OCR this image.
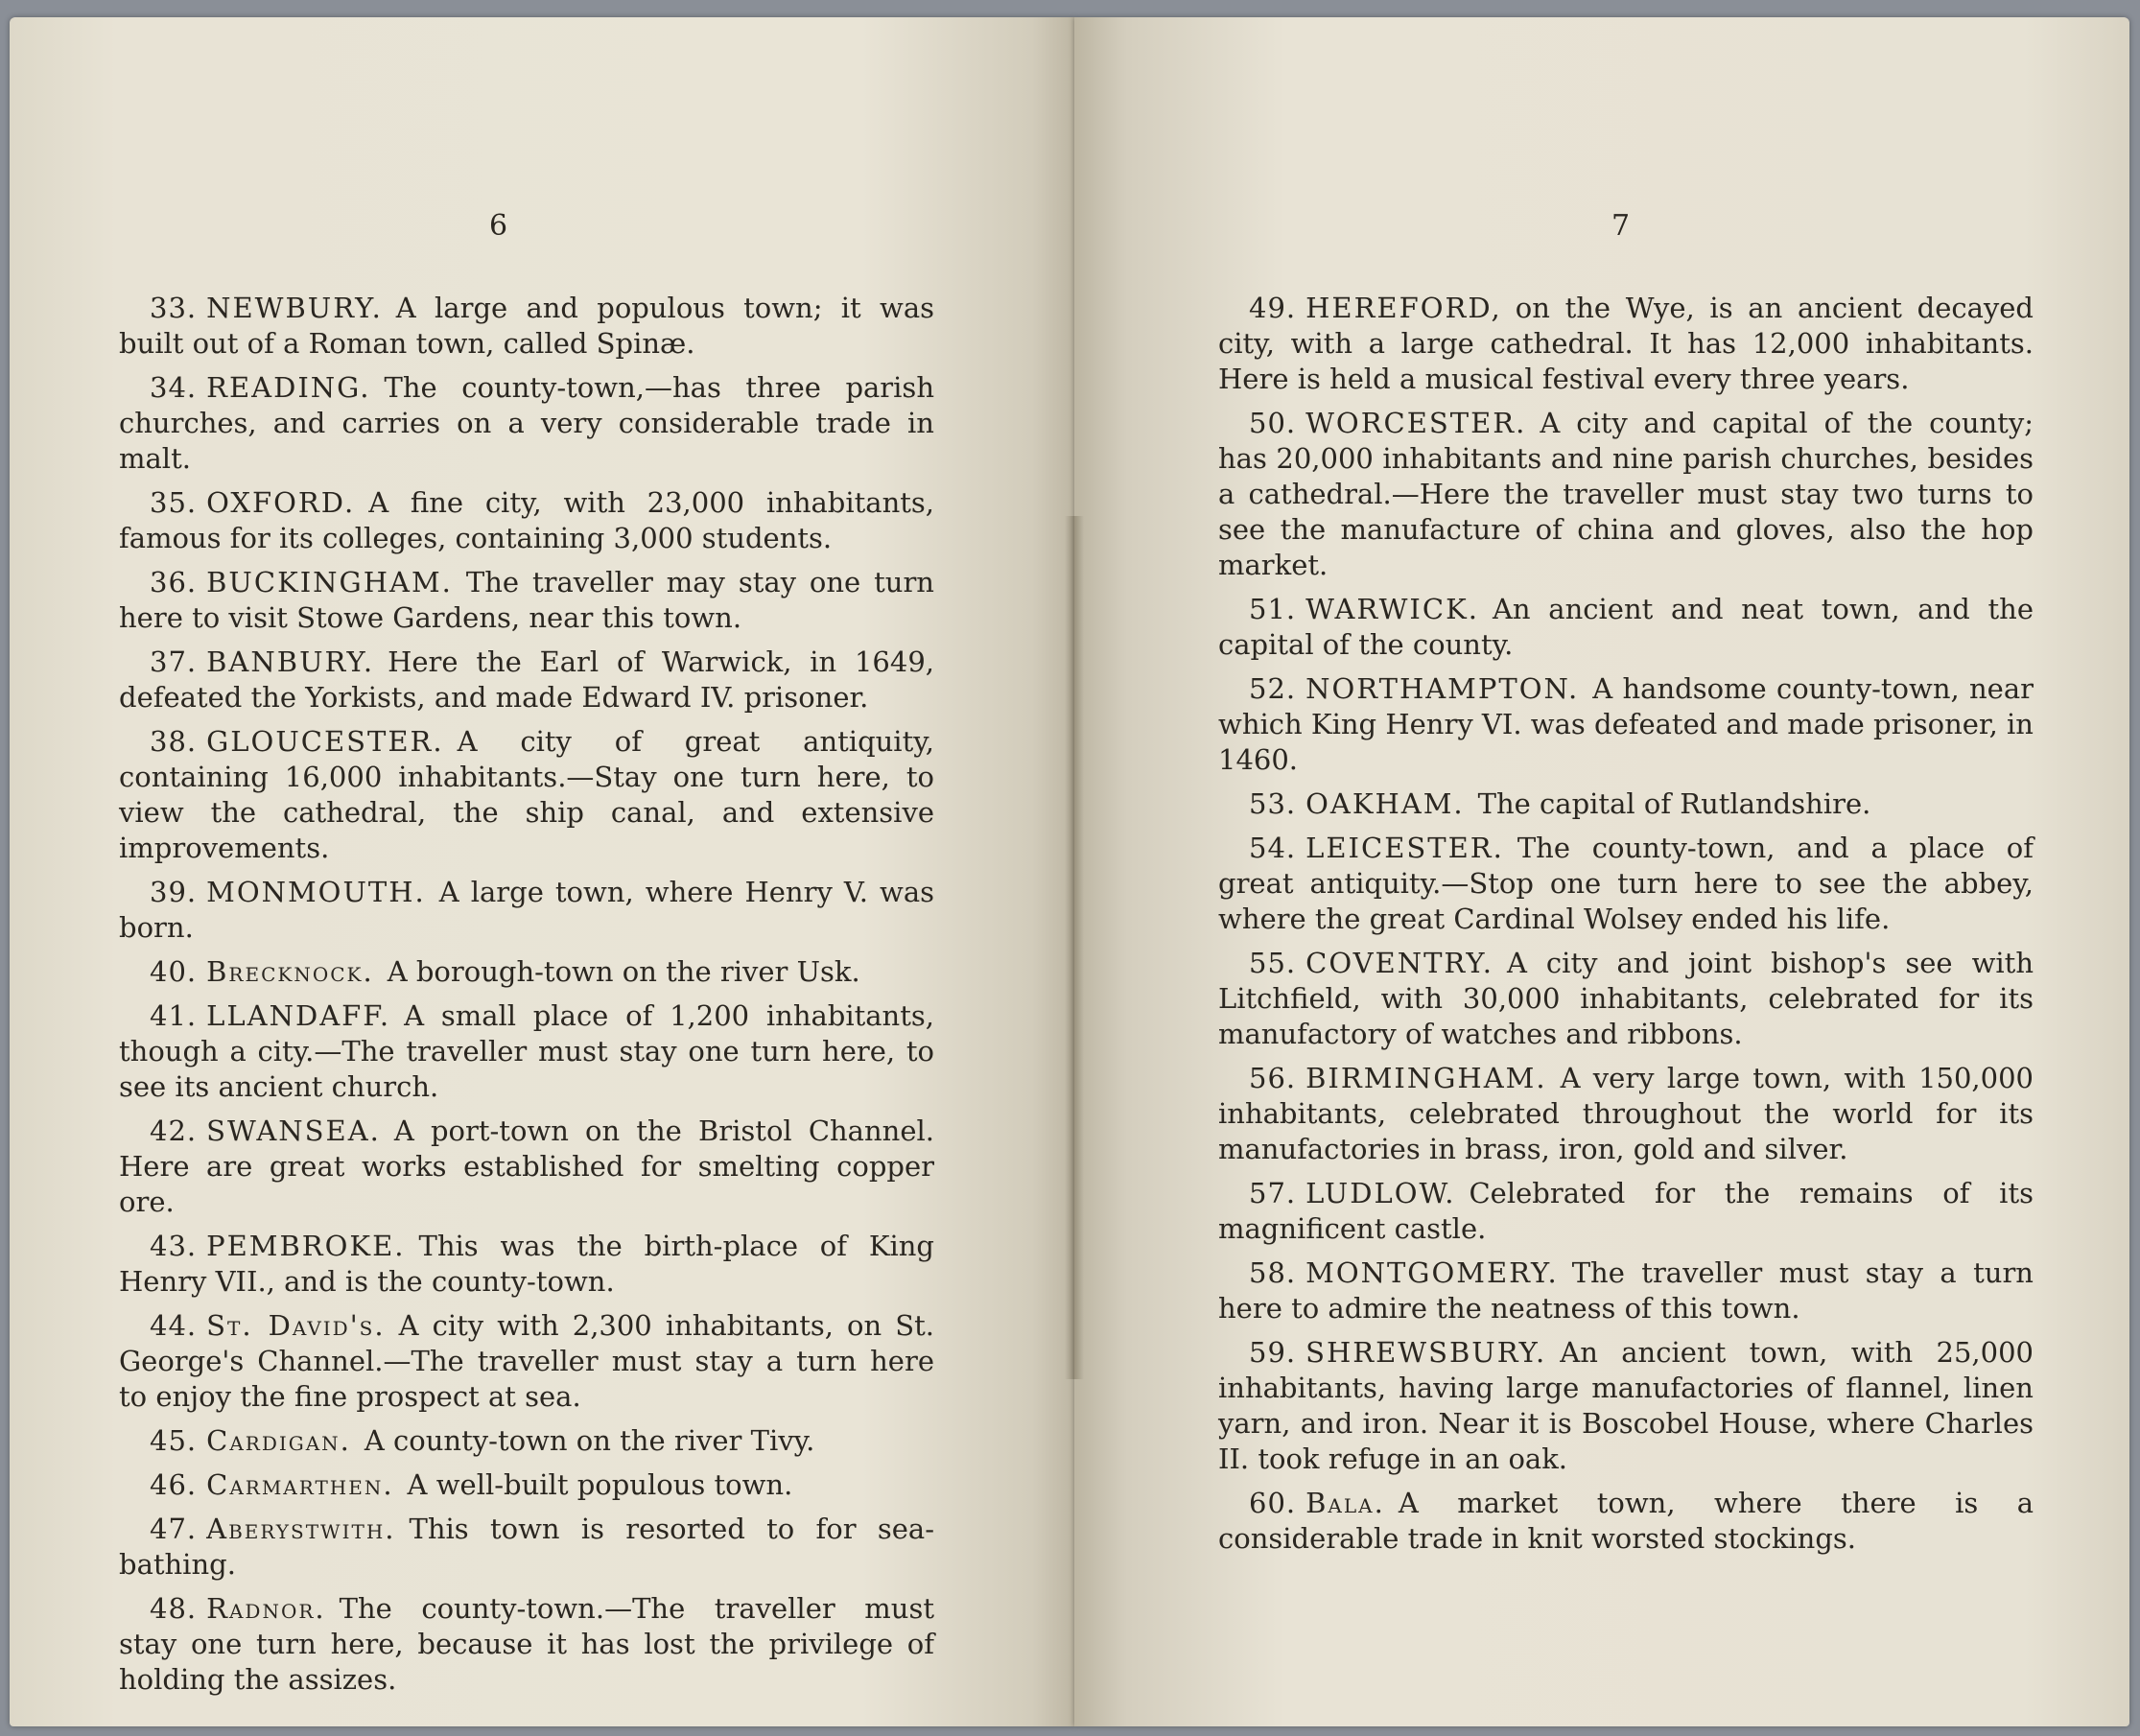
6

33. NEWBURY. A large and populous town; it was built out of a Roman town, called Spinæ.

34. READING. The county-town,—has three parish churches, and carries on a very considerable trade in malt.

35. OXFORD. A fine city, with 23,000 inhabitants, famous for its colleges, containing 3,000 students.

36. BUCKINGHAM. The traveller may stay one turn here to visit Stowe Gardens, near this town.

37. BANBURY. Here the Earl of Warwick, in 1649, defeated the Yorkists, and made Edward IV. prisoner.

38. GLOUCESTER. A city of great antiquity, containing 16,000 inhabitants.—Stay one turn here, to view the cathedral, the ship canal, and extensive improvements.

39. MONMOUTH. A large town, where Henry V. was born.

40. Brecknock. A borough-town on the river Usk.

41. LLANDAFF. A small place of 1,200 inhabitants, though a city.—The traveller must stay one turn here, to see its ancient church.

42. SWANSEA. A port-town on the Bristol Channel. Here are great works established for smelting copper ore.

43. PEMBROKE. This was the birth-place of King Henry VII., and is the county-town.

44. St. David's. A city with 2,300 inhabitants, on St. George's Channel.—The traveller must stay a turn here to enjoy the fine prospect at sea.

45. Cardigan. A county-town on the river Tivy.

46. Carmarthen. A well-built populous town.

47. Aberystwith. This town is resorted to for sea-bathing.

48. Radnor. The county-town.—The traveller must stay one turn here, because it has lost the privilege of holding the assizes.

7

49. HEREFORD, on the Wye, is an ancient decayed city, with a large cathedral. It has 12,000 inhabitants. Here is held a musical festival every three years.

50. WORCESTER. A city and capital of the county; has 20,000 inhabitants and nine parish churches, besides a cathedral.—Here the traveller must stay two turns to see the manufacture of china and gloves, also the hop market.

51. WARWICK. An ancient and neat town, and the capital of the county.

52. NORTHAMPTON. A handsome county-town, near which King Henry VI. was defeated and made prisoner, in 1460.

53. OAKHAM. The capital of Rutlandshire.

54. LEICESTER. The county-town, and a place of great antiquity.—Stop one turn here to see the abbey, where the great Cardinal Wolsey ended his life.

55. COVENTRY. A city and joint bishop's see with Litchfield, with 30,000 inhabitants, celebrated for its manufactory of watches and ribbons.

56. BIRMINGHAM. A very large town, with 150,000 inhabitants, celebrated throughout the world for its manufactories in brass, iron, gold and silver.

57. LUDLOW. Celebrated for the remains of its magnificent castle.

58. MONTGOMERY. The traveller must stay a turn here to admire the neatness of this town.

59. SHREWSBURY. An ancient town, with 25,000 inhabitants, having large manufactories of flannel, linen yarn, and iron. Near it is Boscobel House, where Charles II. took refuge in an oak.

60. Bala. A market town, where there is a considerable trade in knit worsted stockings.
